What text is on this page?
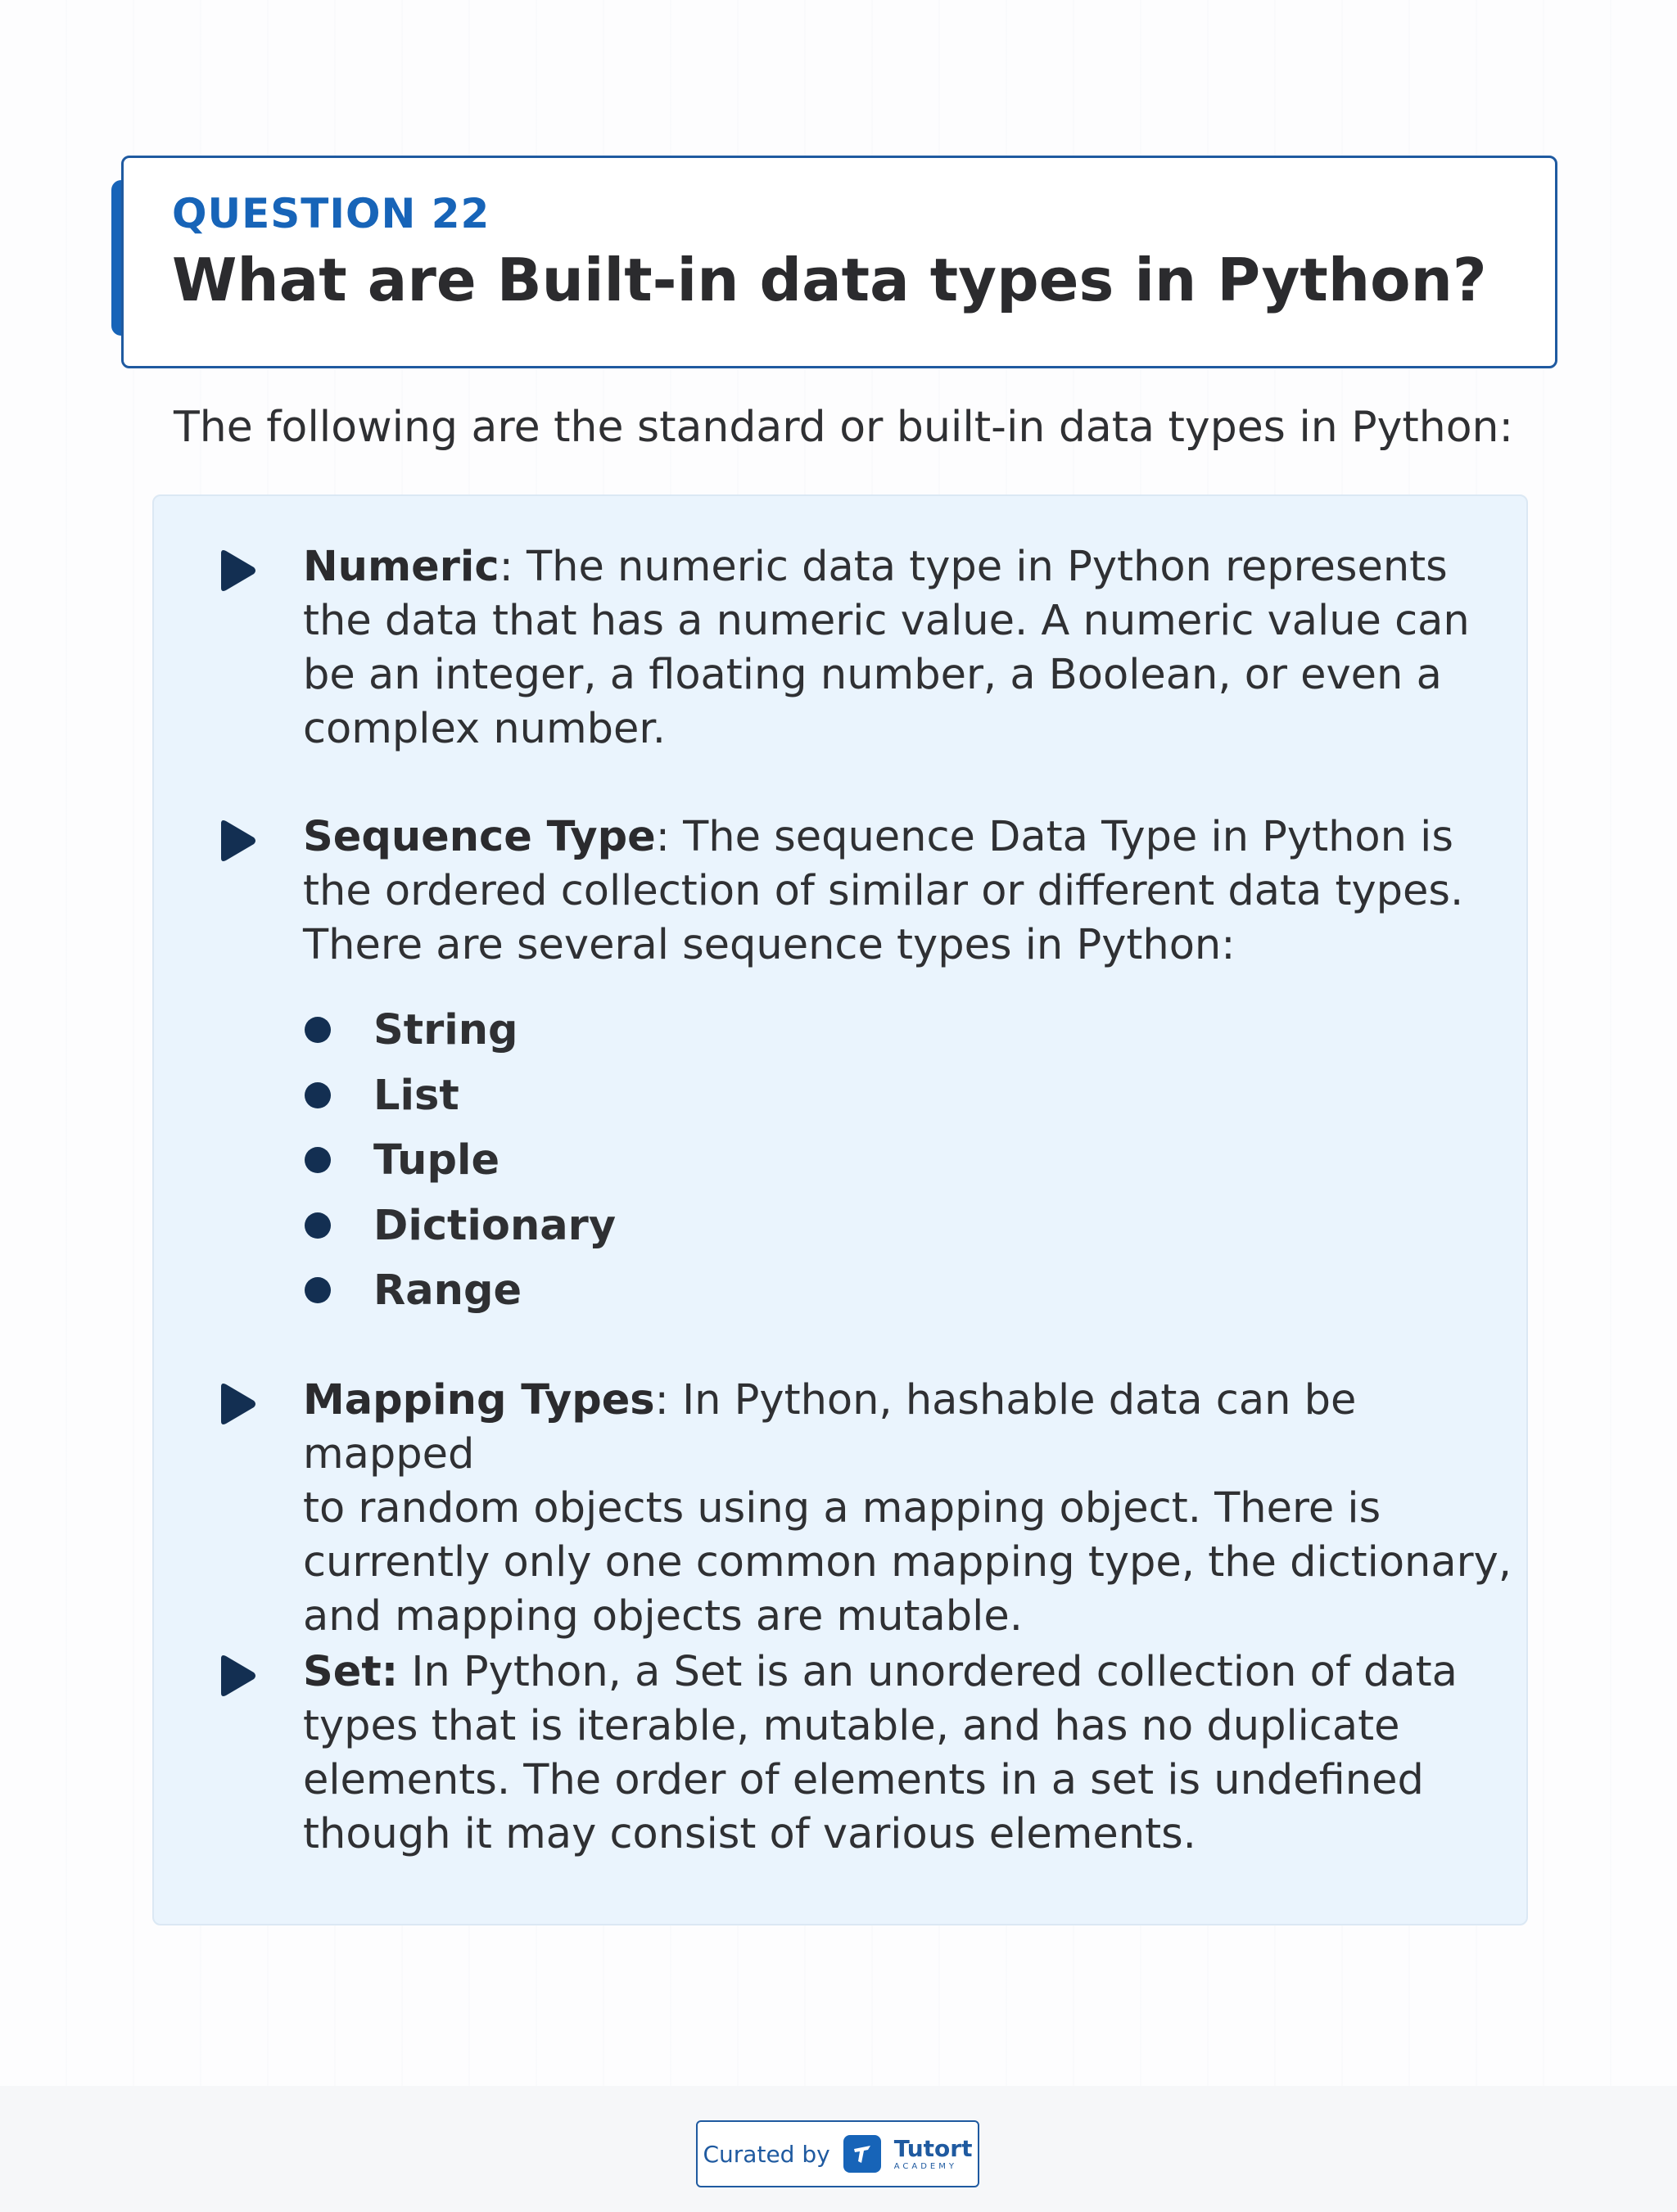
QUESTION 22
What are Built-in data types in Python?
The following are the standard or built-in data types in Python:
Numeric: The numeric data type in Python represents
the data that has a numeric value. A numeric value can
be an integer, a floating number, a Boolean, or even a
complex number.
Sequence Type: The sequence Data Type in Python is
the ordered collection of similar or different data types.
There are several sequence types in Python:
String
List
Tuple
Dictionary
Range
Mapping Types: In Python, hashable data can be mapped
to random objects using a mapping object. There is
currently only one common mapping type, the dictionary,
and mapping objects are mutable.
Set: In Python, a Set is an unordered collection of data
types that is iterable, mutable, and has no duplicate
elements. The order of elements in a set is undefined
though it may consist of various elements.
Curated by	Tutort
ACADEMY
